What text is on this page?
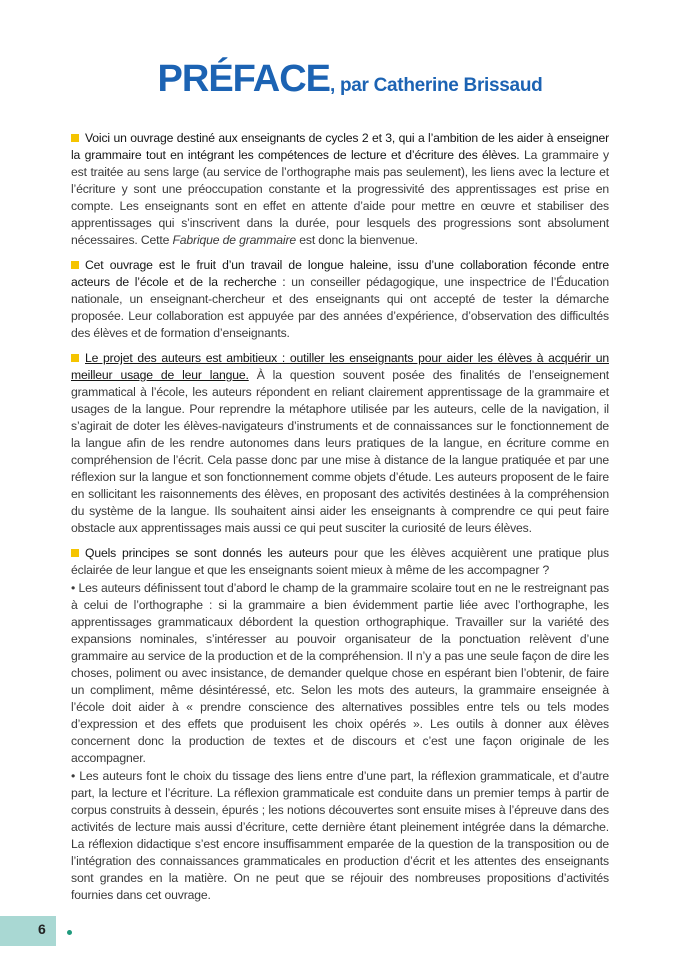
PRÉFACE, par Catherine Brissaud

Voici un ouvrage destiné aux enseignants de cycles 2 et 3, qui a l’ambition de les aider à enseigner la grammaire tout en intégrant les compétences de lecture et d’écriture des élèves. La grammaire y est traitée au sens large (au service de l’orthographe mais pas seulement), les liens avec la lecture et l’écriture y sont une préoccupation constante et la progressivité des apprentissages est prise en compte. Les enseignants sont en effet en attente d’aide pour mettre en œuvre et stabiliser des apprentissages qui s’inscrivent dans la durée, pour lesquels des progressions sont absolument nécessaires. Cette Fabrique de grammaire est donc la bienvenue.

Cet ouvrage est le fruit d’un travail de longue haleine, issu d’une collaboration féconde entre acteurs de l’école et de la recherche : un conseiller pédagogique, une inspectrice de l’Éducation nationale, un enseignant-chercheur et des enseignants qui ont accepté de tester la démarche proposée. Leur collaboration est appuyée par des années d’expérience, d’observation des difficultés des élèves et de formation d’enseignants.

Le projet des auteurs est ambitieux : outiller les enseignants pour aider les élèves à acquérir un meilleur usage de leur langue. À la question souvent posée des finalités de l’enseignement grammatical à l’école, les auteurs répondent en reliant clairement apprentissage de la grammaire et usages de la langue. Pour reprendre la métaphore utilisée par les auteurs, celle de la navigation, il s’agirait de doter les élèves-navigateurs d’instruments et de connaissances sur le fonctionnement de la langue afin de les rendre autonomes dans leurs pratiques de la langue, en écriture comme en compréhension de l’écrit. Cela passe donc par une mise à distance de la langue pratiquée et par une réflexion sur la langue et son fonctionnement comme objets d’étude. Les auteurs proposent de le faire en sollicitant les raisonnements des élèves, en proposant des activités destinées à la compréhension du système de la langue. Ils souhaitent ainsi aider les enseignants à comprendre ce qui peut faire obstacle aux apprentissages mais aussi ce qui peut susciter la curiosité de leurs élèves.

Quels principes se sont donnés les auteurs pour que les élèves acquièrent une pratique plus éclairée de leur langue et que les enseignants soient mieux à même de les accompagner ?

• Les auteurs définissent tout d’abord le champ de la grammaire scolaire tout en ne le restreignant pas à celui de l’orthographe : si la grammaire a bien évidemment partie liée avec l’orthographe, les apprentissages grammaticaux débordent la question orthographique. Travailler sur la variété des expansions nominales, s’intéresser au pouvoir organisateur de la ponctuation relèvent d’une grammaire au service de la production et de la compréhension. Il n’y a pas une seule façon de dire les choses, poliment ou avec insistance, de demander quelque chose en espérant bien l’obtenir, de faire un compliment, même désintéressé, etc. Selon les mots des auteurs, la grammaire enseignée à l’école doit aider à « prendre conscience des alternatives possibles entre tels ou tels modes d’expression et des effets que produisent les choix opérés ». Les outils à donner aux élèves concernent donc la production de textes et de discours et c’est une façon originale de les accompagner.

• Les auteurs font le choix du tissage des liens entre d’une part, la réflexion grammaticale, et d’autre part, la lecture et l’écriture. La réflexion grammaticale est conduite dans un premier temps à partir de corpus construits à dessein, épurés ; les notions découvertes sont ensuite mises à l’épreuve dans des activités de lecture mais aussi d’écriture, cette dernière étant pleinement intégrée dans la démarche. La réflexion didactique s’est encore insuffisamment emparée de la question de la transposition ou de l’intégration des connaissances grammaticales en production d’écrit et les attentes des enseignants sont grandes en la matière. On ne peut que se réjouir des nombreuses propositions d’activités fournies dans cet ouvrage.

6
